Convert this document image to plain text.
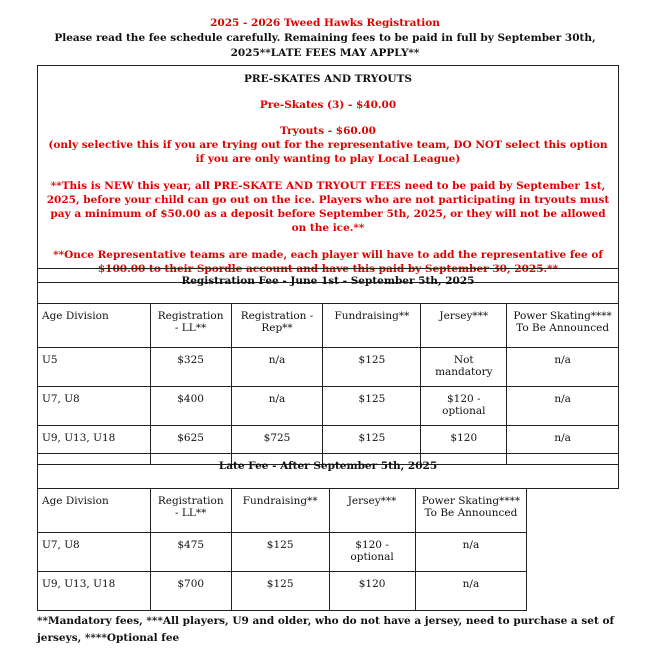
2025 - 2026 Tweed Hawks Registration
Please read the fee schedule carefully. Remaining fees to be paid in full by September 30th, 2025**LATE FEES MAY APPLY**
PRE-SKATES AND TRYOUTS
Pre-Skates (3) - $40.00
Tryouts - $60.00
(only selective this if you are trying out for the representative team, DO NOT select this option if you are only wanting to play Local League)
**This is NEW this year, all PRE-SKATE AND TRYOUT FEES need to be paid by September 1st, 2025, before your child can go out on the ice. Players who are not participating in tryouts must pay a minimum of $50.00 as a deposit before September 5th, 2025, or they will not be allowed on the ice.**
**Once Representative teams are made, each player will have to add the representative fee of $100.00 to their Spordle account and have this paid by September 30, 2025.**
Registration Fee - June 1st - September 5th, 2025					
Age Division	Registration - LL**	Registration - Rep**	Fundraising**	Jersey***	Power Skating**** To Be Announced
U5	$325	n/a	$125	Not mandatory	n/a
U7, U8	$400	n/a	$125	$120 - optional	n/a
U9, U13, U18	$625	$725	$125	$120	n/a
Late Fee - After September 5th, 2025					
Age Division	Registration - LL**	Fundraising**	Jersey***	Power Skating**** To Be Announced	
U7, U8	$475	$125	$120 - optional	n/a	
U9, U13, U18	$700	$125	$120	n/a	
**Mandatory fees, ***All players, U9 and older, who do not have a jersey, need to purchase a set of jerseys, ****Optional fee
